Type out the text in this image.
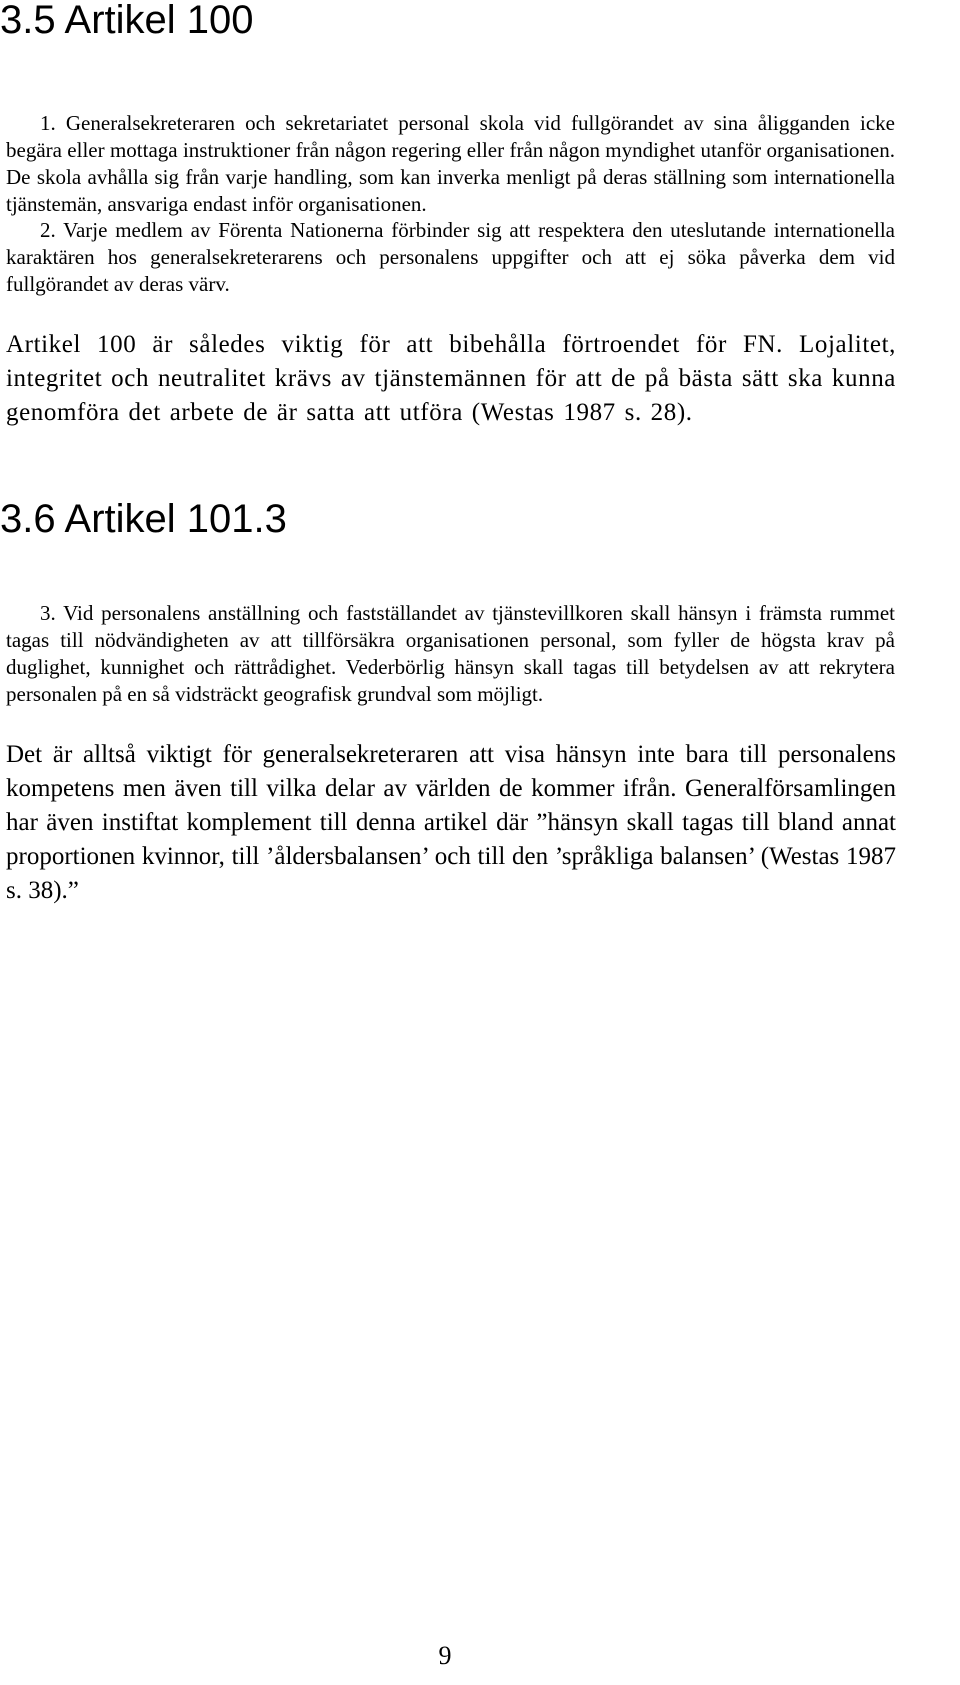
3.5 Artikel 100

1. Generalsekreteraren och sekretariatet personal skola vid fullgörandet av sina åligganden icke begära eller mottaga instruktioner från någon regering eller från någon myndighet utanför organisationen. De skola avhålla sig från varje handling, som kan inverka menligt på deras ställning som internationella tjänstemän, ansvariga endast inför organisationen.

2. Varje medlem av Förenta Nationerna förbinder sig att respektera den uteslutande internationella karaktären hos generalsekreterarens och personalens uppgifter och att ej söka påverka dem vid fullgörandet av deras värv.

Artikel 100 är således viktig för att bibehålla förtroendet för FN. Lojalitet, integritet och neutralitet krävs av tjänstemännen för att de på bästa sätt ska kunna genomföra det arbete de är satta att utföra (Westas 1987 s. 28).

3.6 Artikel 101.3

3. Vid personalens anställning och fastställandet av tjänstevillkoren skall hänsyn i främsta rummet tagas till nödvändigheten av att tillförsäkra organisationen personal, som fyller de högsta krav på duglighet, kunnighet och rättrådighet. Vederbörlig hänsyn skall tagas till betydelsen av att rekrytera personalen på en så vidsträckt geografisk grundval som möjligt.

Det är alltså viktigt för generalsekreteraren att visa hänsyn inte bara till personalens kompetens men även till vilka delar av världen de kommer ifrån. Generalförsamlingen har även instiftat komplement till denna artikel där ”hänsyn skall tagas till bland annat proportionen kvinnor, till ’åldersbalansen’ och till den ’språkliga balansen’ (Westas 1987 s. 38).”

9
